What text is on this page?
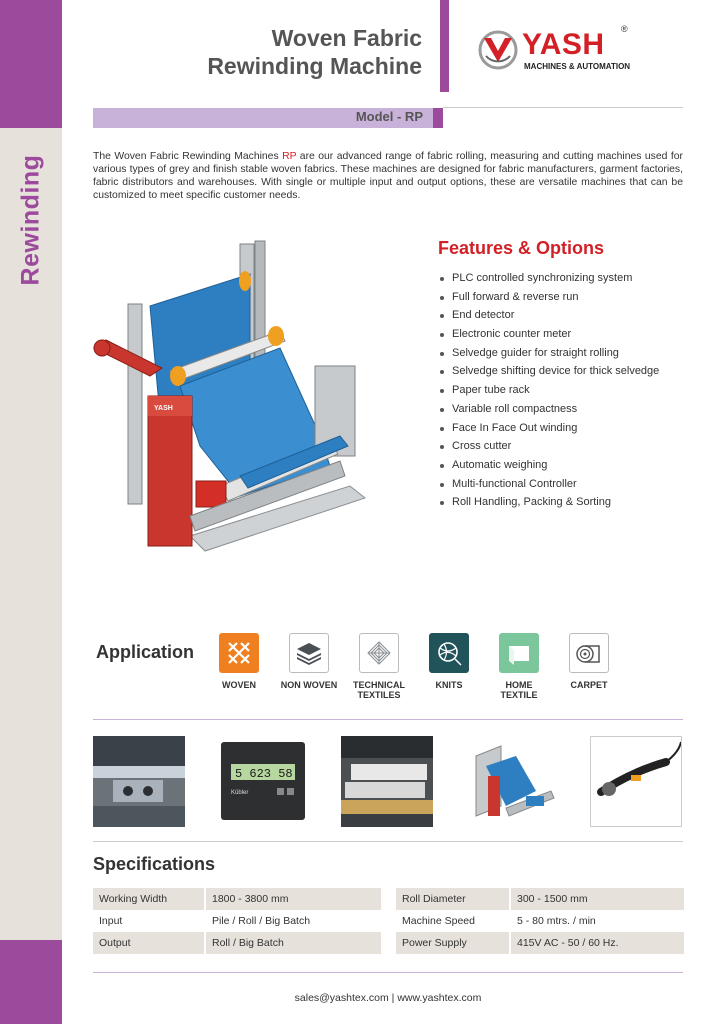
Rewinding
Woven Fabric
Rewinding Machine
YASH
MACHINES & AUTOMATION
®
Model - RP

The Woven Fabric Rewinding Machines RP are our advanced range of fabric rolling, measuring and cutting machines used for various types of grey and finish stable woven fabrics. These machines are designed for fabric manufacturers, garment factories, fabric distributors and warehouses. With single or multiple input and output options, these are versatile machines that can be customized to meet specific customer needs.

YASH
Features & Options
PLC controlled synchronizing system
Full forward & reverse run
End detector
Electronic counter meter
Selvedge guider for straight rolling
Selvedge shifting device for thick selvedge
Paper tube rack
Variable roll compactness
Face In Face Out winding
Cross cutter
Automatic weighing
Multi-functional Controller
Roll Handling, Packing & Sorting
Application
WOVEN	NON WOVEN	TECHNICAL
TEXTILES
KNITS	HOME
TEXTILE
CARPET
5 623 58
Kübler
Specifications
Working Width	1800 - 3800 mm
Input	Pile / Roll / Big Batch
Output	Roll / Big Batch
Roll Diameter	300 - 1500 mm
Machine Speed	5 - 80 mtrs. / min
Power Supply	415V AC - 50 / 60 Hz.
sales@yashtex.com | www.yashtex.com
